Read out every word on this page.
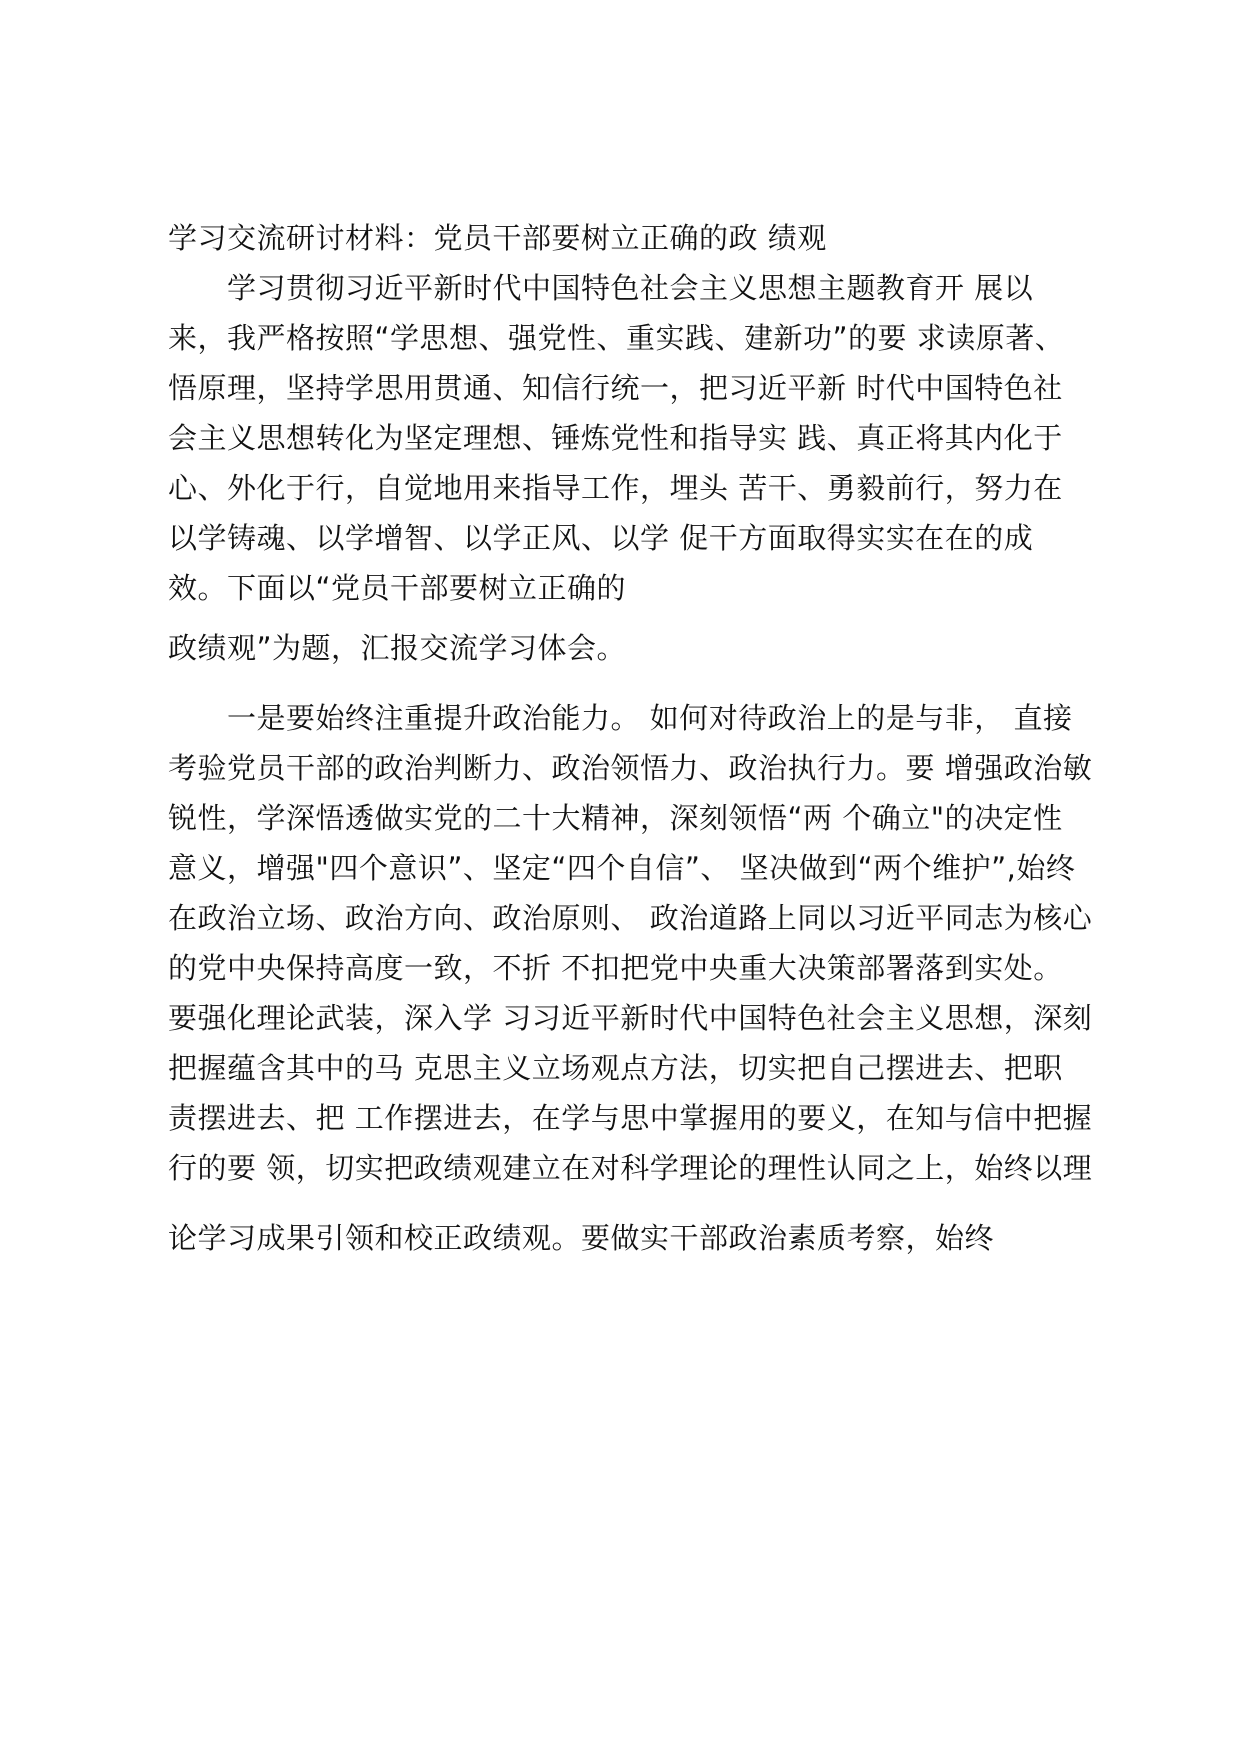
学习交流研讨材料：党员干部要树立正确的政 绩观
　　学习贯彻习近平新时代中国特色社会主义思想主题教育开 展以
来，我严格按照“学思想、强党性、重实践、建新功”的要 求读原著、
悟原理，坚持学思用贯通、知信行统一，把习近平新 时代中国特色社
会主义思想转化为坚定理想、锤炼党性和指导实 践、真正将其内化于
心、外化于行，自觉地用来指导工作，埋头 苦干、勇毅前行，努力在
以学铸魂、以学增智、以学正风、以学 促干方面取得实实在在的成
效。下面以“党员干部要树立正确的
政绩观”为题，汇报交流学习体会。
　　一是要始终注重提升政治能力。 如何对待政治上的是与非， 直接
考验党员干部的政治判断力、政治领悟力、政治执行力。要 增强政治敏
锐性，学深悟透做实党的二十大精神，深刻领悟“两 个确立"的决定性
意义，增强"四个意识”、坚定“四个自信”、 坚决做到“两个维护”,始终
在政治立场、政治方向、政治原则、 政治道路上同以习近平同志为核心
的党中央保持高度一致，不折 不扣把党中央重大决策部署落到实处。
要强化理论武装，深入学 习习近平新时代中国特色社会主义思想，深刻
把握蕴含其中的马 克思主义立场观点方法，切实把自己摆进去、把职
责摆进去、把 工作摆进去，在学与思中掌握用的要义，在知与信中把握
行的要 领，切实把政绩观建立在对科学理论的理性认同之上，始终以理
论学习成果引领和校正政绩观。要做实干部政治素质考察，始终
